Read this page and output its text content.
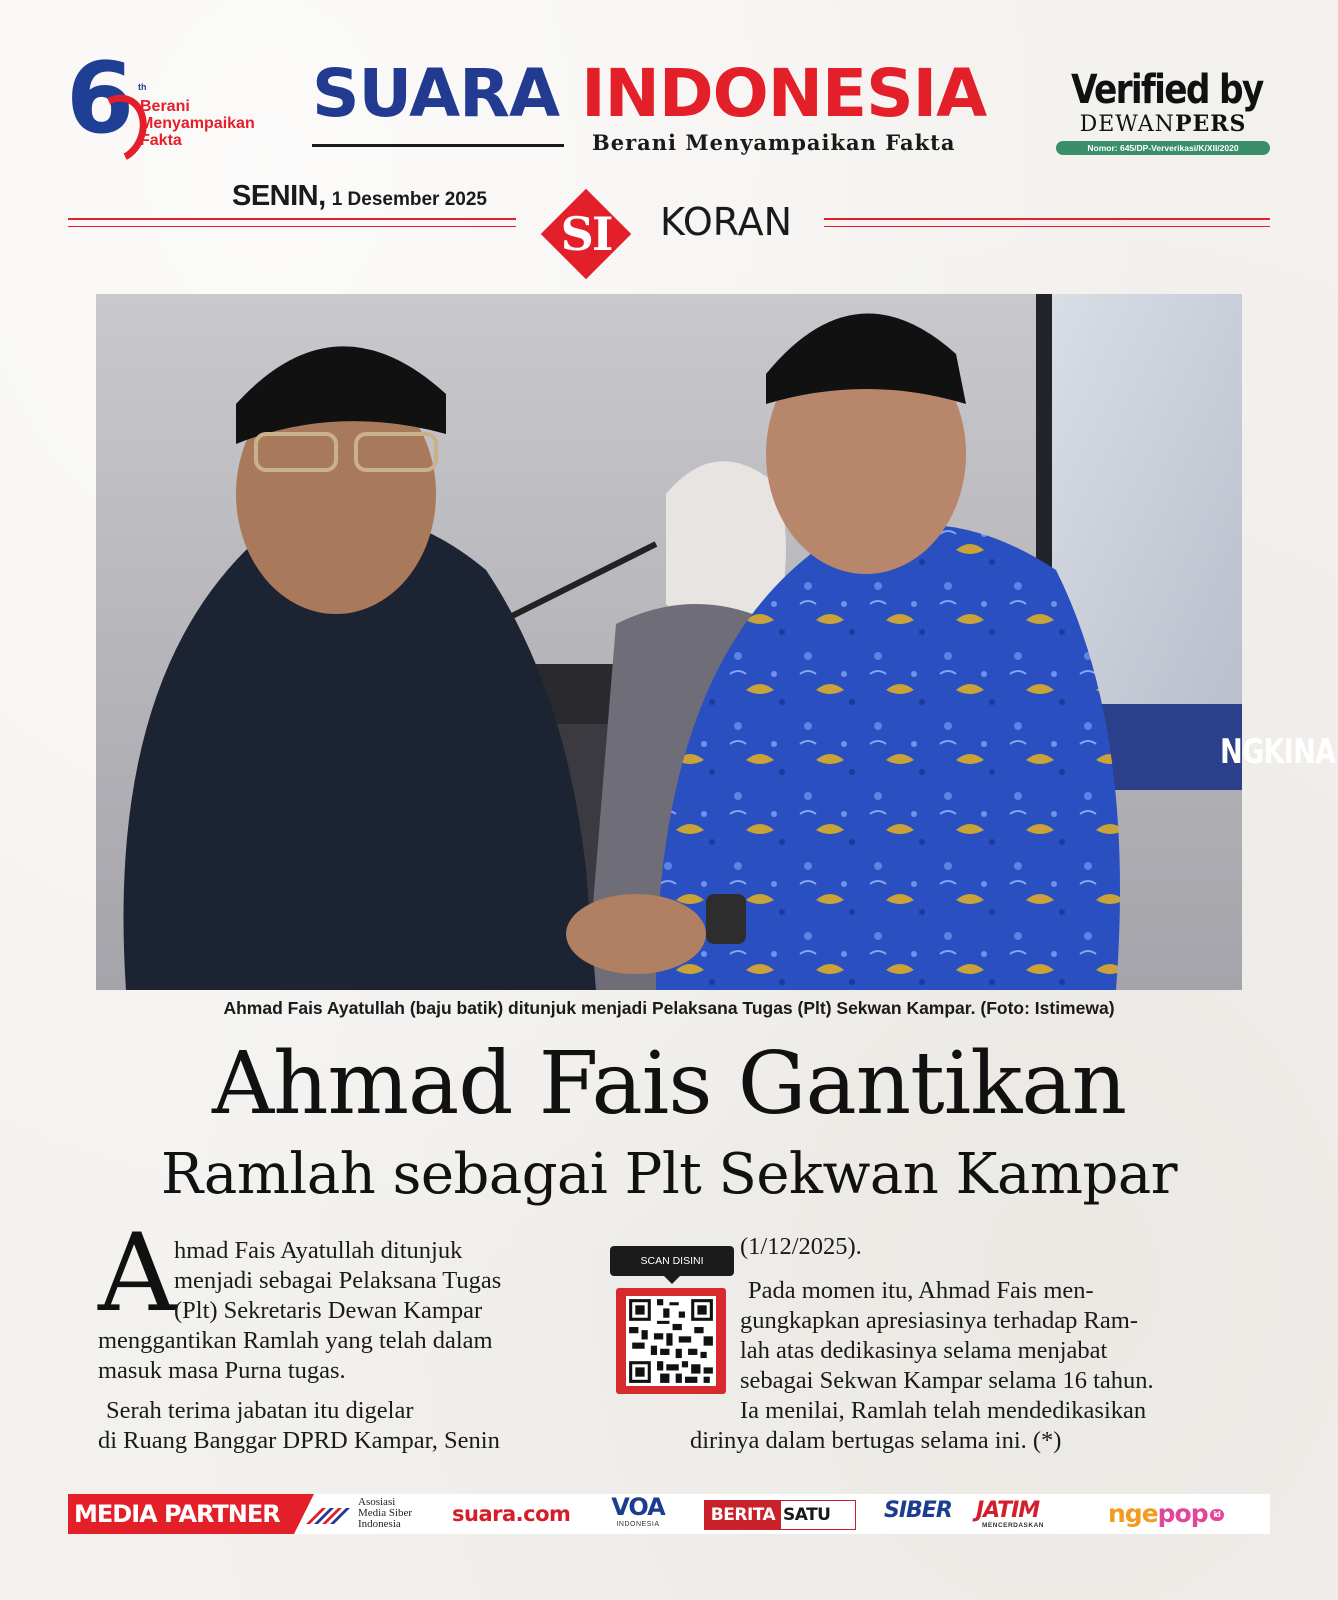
6 th
Berani Menyampaikan Fakta
SUARA INDONESIA
Berani Menyampaikan Fakta
Verified by
DEWANPERS
Nomor: 645/DP-Ververikasi/K/XII/2020
SENIN, 1 Desember 2025
SI	KORAN
NGKINA
Ahmad Fais Ayatullah (baju batik) ditunjuk menjadi Pelaksana Tugas (Plt) Sekwan Kampar. (Foto: Istimewa)
Ahmad Fais Gantikan
Ramlah sebagai Plt Sekwan Kampar
A
hmad Fais Ayatullah ditunjuk
menjadi sebagai Pelaksana Tugas
(Plt) Sekretaris Dewan Kampar
menggantikan Ramlah yang telah dalam
masuk masa Purna tugas.
Serah terima jabatan itu digelar
di Ruang Banggar DPRD Kampar, Senin
SCAN DISINI
(1/12/2025).
Pada momen itu, Ahmad Fais men-
gungkapkan apresiasinya terhadap Ram-
lah atas dedikasinya selama menjabat
sebagai Sekwan Kampar selama 16 tahun.
Ia menilai, Ramlah telah mendedikasikan
dirinya dalam bertugas selama ini. (*)
MEDIA PARTNER	Asosiasi
Media Siber
Indonesia	suara.com	VOA
INDONESIA	BERITA SATU SIBER JATIM
MENCERDASKAN	ngepop id
